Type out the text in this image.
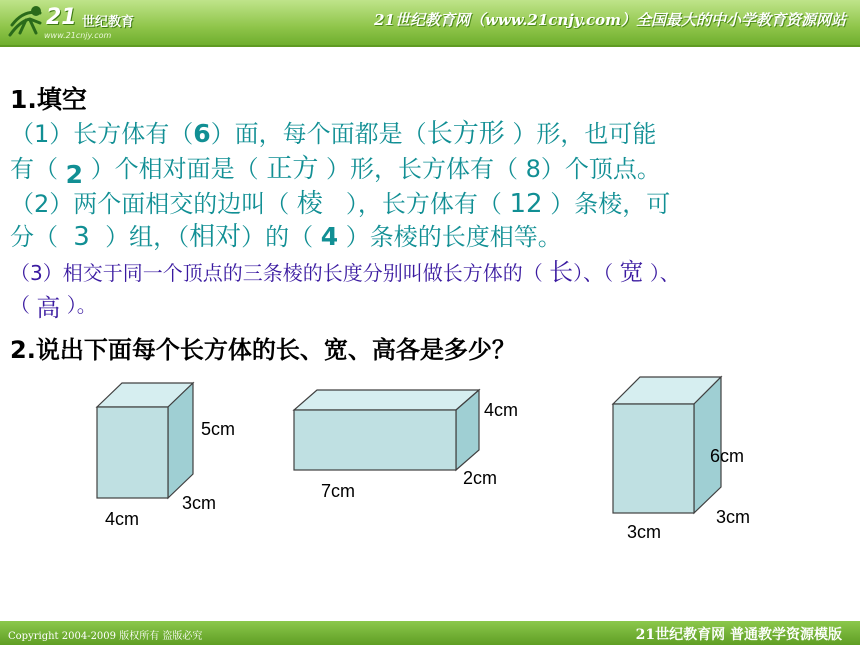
21 世纪教育
www.21cnjy.com
21世纪教育网（www.21cnjy.com）全国最大的中小学教育资源网站
1.填空
（1）长方体有（6）面，每个面都是（长方形 ）形，也可能
有（ 2 ）个相对面是（ 正方 ）形，长方体有（ 8）个顶点。
（2）两个面相交的边叫（ 棱 ），长方体有（ 12 ）条棱，可
分（ 3 ）组，（相对）的（ 4 ）条棱的长度相等。
（3）相交于同一个顶点的三条棱的长度分别叫做长方体的（ 长）、（ 宽 ）、
（ 高 ）。
2.说出下面每个长方体的长、宽、高各是多少？
5cm
4cm
3cm
4cm
7cm
2cm
6cm
3cm
3cm
Copyright 2004-2009 版权所有 盗版必究	21世纪教育网 普通教学资源模版
